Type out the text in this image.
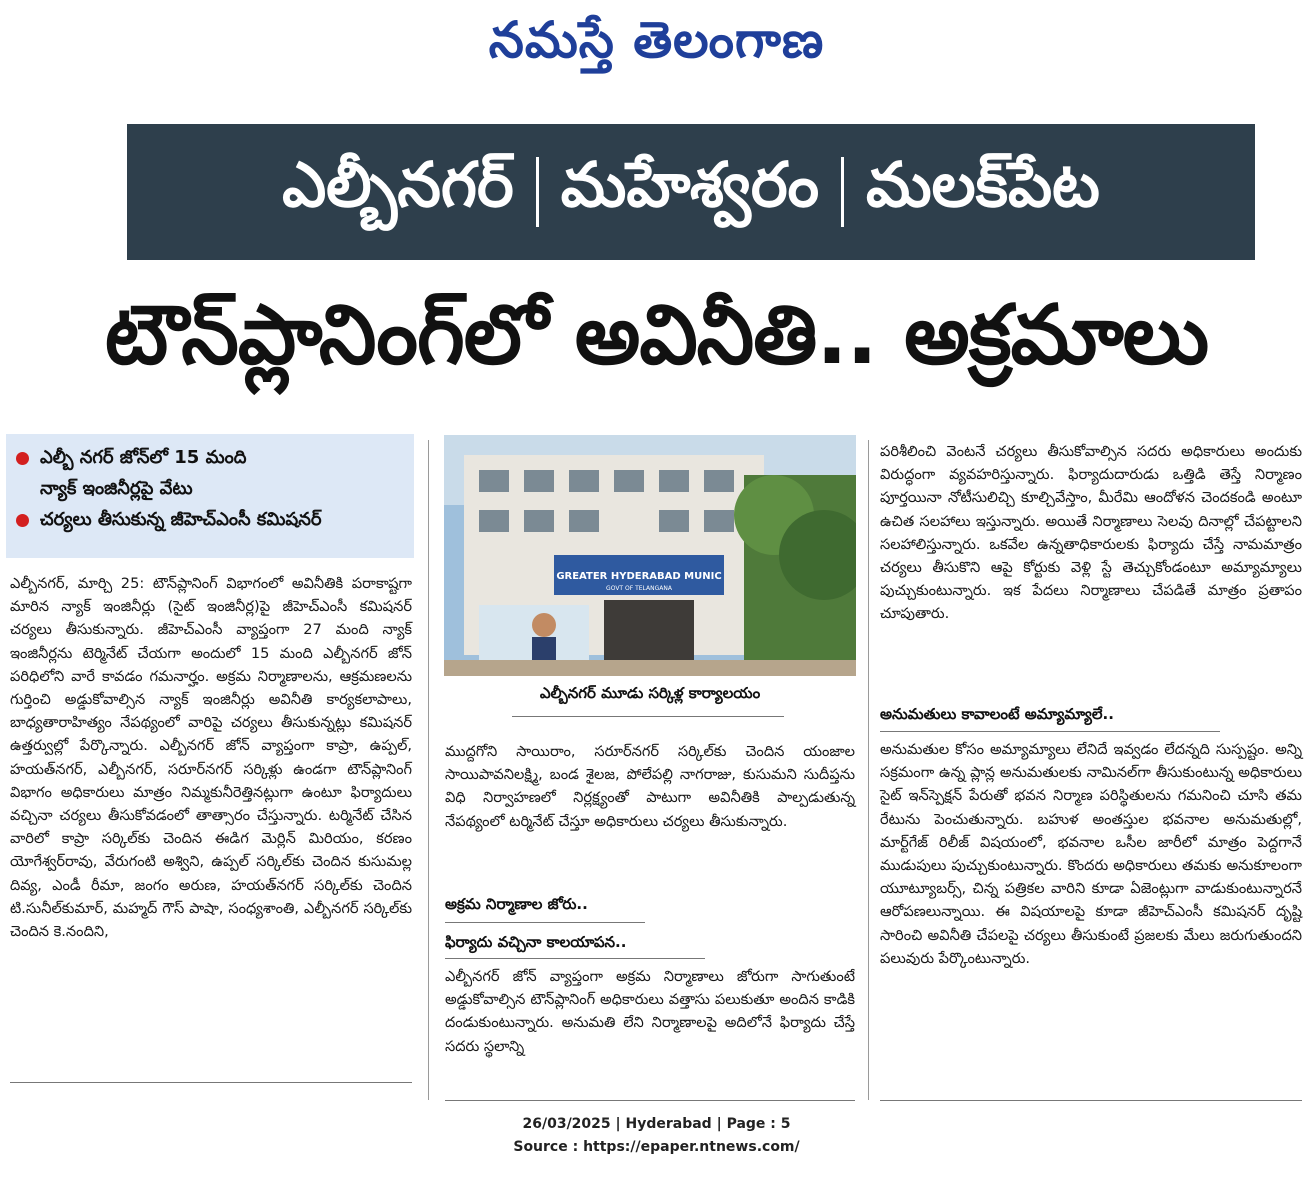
నమస్తే తెలంగాణ
ఎల్బీనగర్ మహేశ్వరం మలక్‌పేట
టౌన్‌ప్లానింగ్‌లో అవినీతి.. అక్రమాలు
ఎల్బీ నగర్ జోన్‌లో 15 మంది
న్యాక్ ఇంజినీర్లపై వేటు
చర్యలు తీసుకున్న జీహెచ్‌ఎంసీ కమిషనర్
ఎల్బీనగర్, మార్చి 25: టౌన్‌ప్లానింగ్ విభాగంలో అవినీతికి పరాకాష్టగా మారిన న్యాక్ ఇంజినీర్లు (సైట్ ఇంజినీర్ల)పై జీహెచ్‌ఎంసీ కమిషనర్ చర్యలు తీసుకున్నారు. జీహెచ్‌ఎంసీ వ్యాప్తంగా 27 మంది న్యాక్ ఇంజినీర్లను టెర్మినేట్ చేయగా అందులో 15 మంది ఎల్బీనగర్ జోన్ పరిధిలోని వారే కావడం గమనార్హం. అక్రమ నిర్మాణాలను, ఆక్రమణలను గుర్తించి అడ్డుకోవాల్సిన న్యాక్ ఇంజినీర్లు అవినీతి కార్యకలాపాలు, బాధ్యతారాహిత్యం నేపథ్యంలో వారిపై చర్యలు తీసుకున్నట్లు కమిషనర్ ఉత్తర్వుల్లో పేర్కొన్నారు. ఎల్బీనగర్ జోన్ వ్యాప్తంగా కాప్రా, ఉప్పల్, హయత్‌నగర్, ఎల్బీనగర్, సరూర్‌నగర్ సర్కిళ్లు ఉండగా టౌన్‌ప్లానింగ్ విభాగం అధికారులు మాత్రం నిమ్మకునీరెత్తినట్లుగా ఉంటూ ఫిర్యాదులు వచ్చినా చర్యలు తీసుకోవడంలో తాత్సారం చేస్తున్నారు. టర్మినేట్ చేసిన వారిలో కాప్రా సర్కిల్‌కు చెందిన ఈడిగ మెర్లిన్ మిరియం, కరణం యోగేశ్వర్‌రావు, వేరుగంటి అశ్విని, ఉప్పల్ సర్కిల్‌కు చెందిన కుసుమల్ల దివ్య, ఎండీ రీమా, జంగం అరుణ, హయత్‌నగర్ సర్కిల్‌కు చెందిన టి.సునీల్‌కుమార్, మహ్మద్ గౌస్ పాషా, సంధ్యశాంతి, ఎల్బీనగర్ సర్కిల్‌కు చెందిన కె.నందిని,
GREATER HYDERABAD MUNIC
GOVT OF TELANGANA
ఎల్బీనగర్ మూడు సర్కిళ్ల కార్యాలయం
ముద్దగోని సాయిరాం, సరూర్‌నగర్ సర్కిల్‌కు చెందిన యంజాల సాయిపావనిలక్ష్మి, బండ శైలజ, పోలేపల్లి నాగరాజు, కుసుమని సుదీప్తను విధి నిర్వాహణలో నిర్లక్ష్యంతో పాటుగా అవినీతికి పాల్పడుతున్న నేపథ్యంలో టర్మినేట్ చేస్తూ అధికారులు చర్యలు తీసుకున్నారు.
అక్రమ నిర్మాణాల జోరు..
ఫిర్యాదు వచ్చినా కాలయాపన..
ఎల్బీనగర్ జోన్ వ్యాప్తంగా అక్రమ నిర్మాణాలు జోరుగా సాగుతుంటే అడ్డుకోవాల్సిన టౌన్‌ప్లానింగ్ అధికారులు వత్తాసు పలుకుతూ అందిన కాడికి దండుకుంటున్నారు. అనుమతి లేని నిర్మాణాలపై అదిలోనే ఫిర్యాదు చేస్తే సదరు స్థలాన్ని
పరిశీలించి వెంటనే చర్యలు తీసుకోవాల్సిన సదరు అధికారులు అందుకు విరుద్ధంగా వ్యవహరిస్తున్నారు. ఫిర్యాదుదారుడు ఒత్తిడి తెస్తే నిర్మాణం పూర్తయినా నోటీసులిచ్చి కూల్చివేస్తాం, మీరేమి ఆందోళన చెందకండి అంటూ ఉచిత సలహాలు ఇస్తున్నారు. అయితే నిర్మాణాలు సెలవు దినాల్లో చేపట్టాలని సలహాలిస్తున్నారు. ఒకవేల ఉన్నతాధికారులకు ఫిర్యాదు చేస్తే నామమాత్రం చర్యలు తీసుకొని ఆపై కోర్టుకు వెళ్లి స్టే తెచ్చుకోండంటూ అమ్యామ్యాలు పుచ్చుకుంటున్నారు. ఇక పేదలు నిర్మాణాలు చేపడితే మాత్రం ప్రతాపం చూపుతారు.
అనుమతులు కావాలంటే అమ్యామ్యాలే..
అనుమతుల కోసం అమ్యామ్యాలు లేనిదే ఇవ్వడం లేదన్నది సుస్పష్టం. అన్ని సక్రమంగా ఉన్న ప్లాన్ల అనుమతులకు నామినల్‌గా తీసుకుంటున్న అధికారులు సైట్ ఇన్‌స్పెక్షన్ పేరుతో భవన నిర్మాణ పరిస్థితులను గమనించి చూసి తమ రేటును పెంచుతున్నారు. బహుళ అంతస్తుల భవనాల అనుమతుల్లో, మార్ట్‌గేజ్ రిలీజ్ విషయంలో, భవనాల ఒసీల జారీలో మాత్రం పెద్దగానే ముడుపులు పుచ్చుకుంటున్నారు. కొందరు అధికారులు తమకు అనుకూలంగా యూట్యూబర్స్, చిన్న పత్రికల వారిని కూడా ఏజెంట్లుగా వాడుకుంటున్నారనే ఆరోపణలున్నాయి. ఈ విషయాలపై కూడా జీహెచ్‌ఎంసీ కమిషనర్ దృష్టి సారించి అవినీతి చేపలపై చర్యలు తీసుకుంటే ప్రజలకు మేలు జరుగుతుందని పలువురు పేర్కొంటున్నారు.
26/03/2025 | Hyderabad | Page : 5
Source : https://epaper.ntnews.com/
